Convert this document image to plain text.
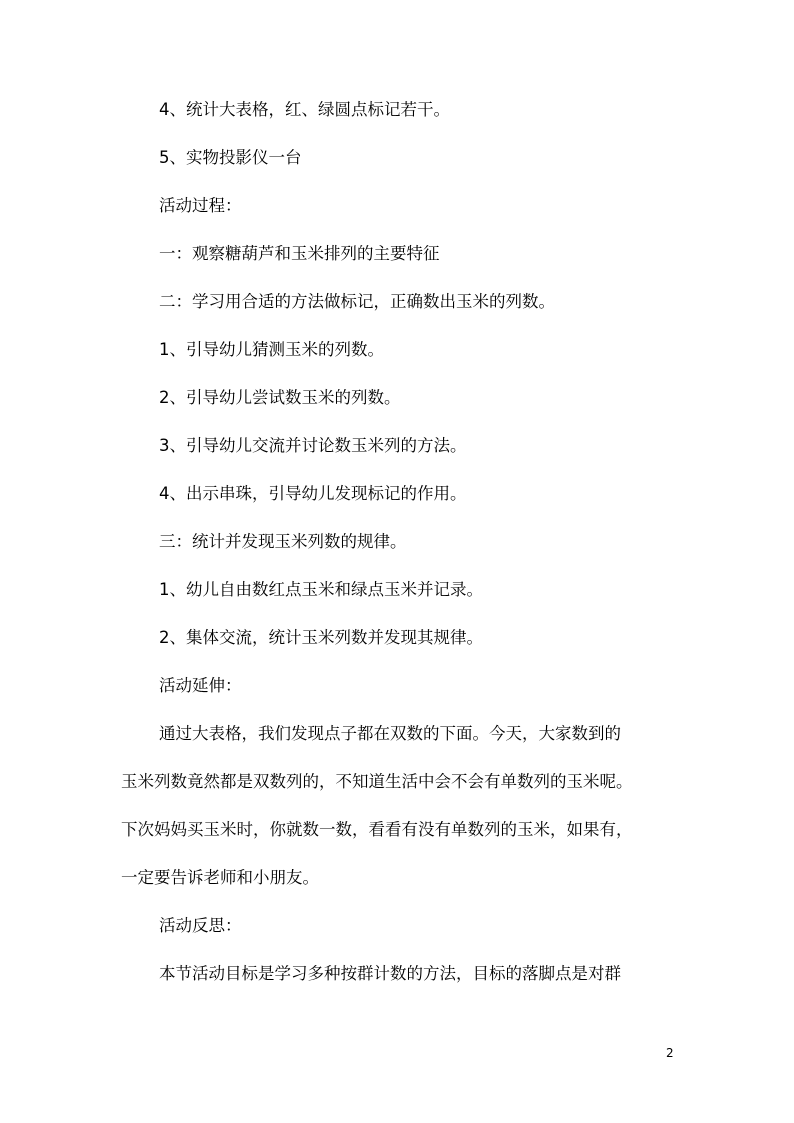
4、统计大表格，红、绿圆点标记若干。
5、实物投影仪一台
活动过程：
一：观察糖葫芦和玉米排列的主要特征
二：学习用合适的方法做标记，正确数出玉米的列数。
1、引导幼儿猜测玉米的列数。
2、引导幼儿尝试数玉米的列数。
3、引导幼儿交流并讨论数玉米列的方法。
4、出示串珠，引导幼儿发现标记的作用。
三：统计并发现玉米列数的规律。
1、幼儿自由数红点玉米和绿点玉米并记录。
2、集体交流，统计玉米列数并发现其规律。
活动延伸：
通过大表格，我们发现点子都在双数的下面。今天，大家数到的
玉米列数竟然都是双数列的，不知道生活中会不会有单数列的玉米呢。
下次妈妈买玉米时，你就数一数，看看有没有单数列的玉米，如果有，
一定要告诉老师和小朋友。
活动反思：
本节活动目标是学习多种按群计数的方法，目标的落脚点是对群
2
